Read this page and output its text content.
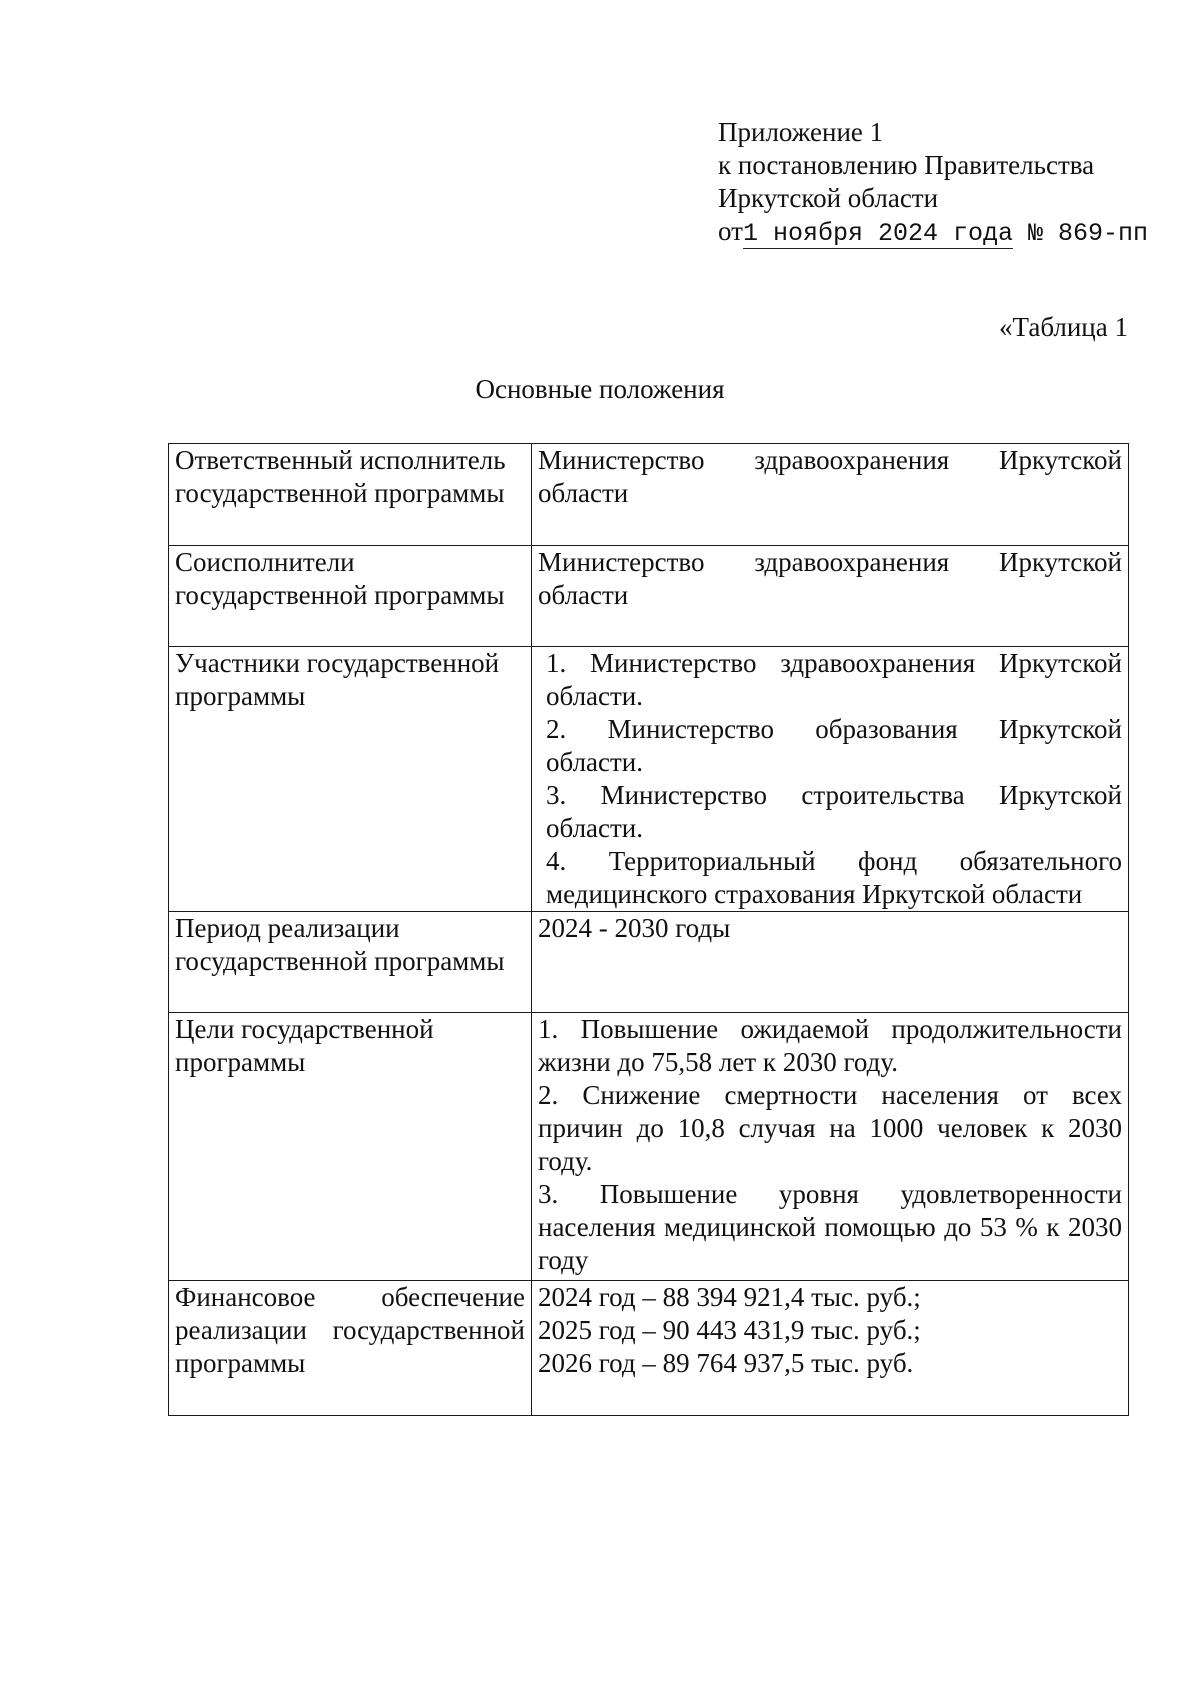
Приложение 1
к постановлению Правительства
Иркутской области
от1 ноября 2024 года № 869-пп
«Таблица 1
Основные положения
Ответственный исполнитель государственной программы	Министерство здравоохранения Иркутской области

Соисполнители государственной программы	Министерство здравоохранения Иркутской области

Участники государственной программы	1. Министерство здравоохранения Иркутской области.
2. Министерство образования Иркутской области.
3. Министерство строительства Иркутской области.
4. Территориальный фонд обязательного медицинского страхования Иркутской области

Период реализации государственной программы	2024 - 2030 годы

Цели государственной программы	1. Повышение ожидаемой продолжительности жизни до 75,58 лет к 2030 году.
2. Снижение смертности населения от всех причин до 10,8 случая на 1000 человек к 2030 году.
3. Повышение уровня удовлетворенности населения медицинской помощью до 53 % к 2030 году

Финансовое обеспечение реализации государственной программы	2024 год – 88 394 921,4 тыс. руб.;
2025 год – 90 443 431,9 тыс. руб.;
2026 год – 89 764 937,5 тыс. руб.
